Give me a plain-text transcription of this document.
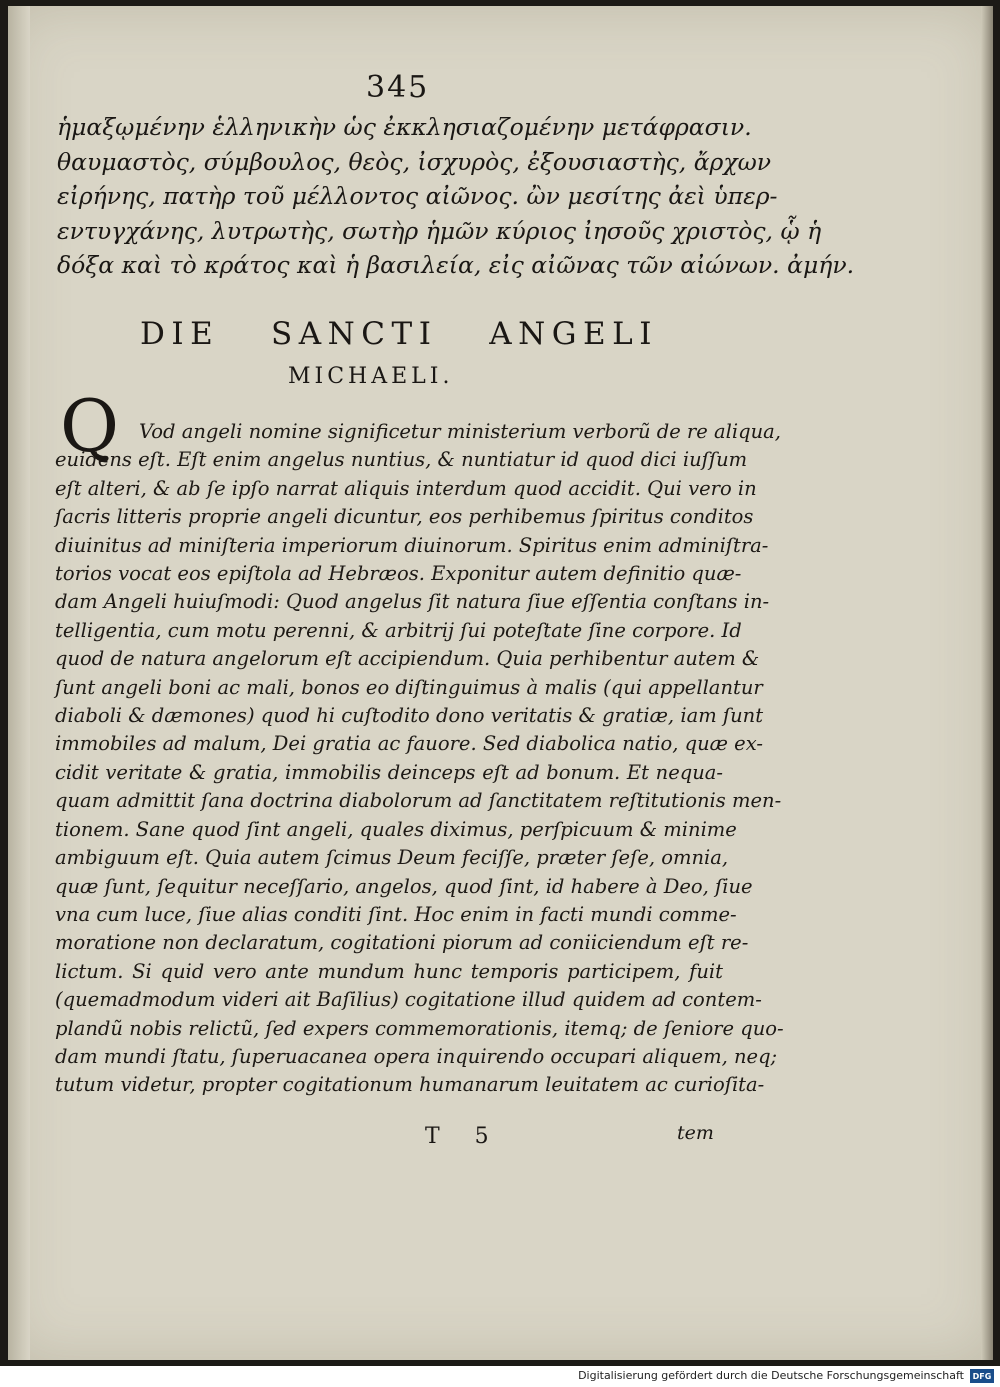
345
ἡμαξῳμένην ἑλληνικὴν ὡς ἐκκλησιαζομένην μετάφρασιν.
θαυμαστὸς, σύμβουλος, θεὸς, ἰσχυρὸς, ἐξουσιαστὴς, ἄρχων
εἰρήνης, πατὴρ τοῦ μέλλοντος αἰῶνος. ὢν μεσίτης ἀεὶ ὑπερ-
εντυγχάνης, λυτρωτὴς, σωτὴρ ἡμῶν κύριος ἰησοῦς χριστὸς, ᾧ ἡ
δόξα καὶ τὸ κράτος καὶ ἡ βασιλεία, εἰς αἰῶνας τῶν αἰώνων. ἀμήν.
DIE SANCTI ANGELI
MICHAELI.
Q	Vod angeli nomine significetur ministerium verborũ de re aliqua,
euidens eſt. Eſt enim angelus nuntius, & nuntiatur id quod dici iuſſum
eſt alteri, & ab ſe ipſo narrat aliquis interdum quod accidit. Qui vero in
ſacris litteris proprie angeli dicuntur, eos perhibemus ſpiritus conditos
diuinitus ad miniſteria imperiorum diuinorum. Spiritus enim adminiſtra-
torios vocat eos epiſtola ad Hebræos. Exponitur autem definitio quæ-
dam Angeli huiuſmodi: Quod angelus ſit natura ſiue eſſentia conſtans in-
telligentia, cum motu perenni, & arbitrij ſui poteſtate ſine corpore. Id
quod de natura angelorum eſt accipiendum. Quia perhibentur autem &
ſunt angeli boni ac mali, bonos eo diſtinguimus à malis (qui appellantur
diaboli & dæmones) quod hi cuſtodito dono veritatis & gratiæ, iam ſunt
immobiles ad malum, Dei gratia ac fauore. Sed diabolica natio, quæ ex-
cidit veritate & gratia, immobilis deinceps eſt ad bonum. Et nequa-
quam admittit ſana doctrina diabolorum ad ſanctitatem reſtitutionis men-
tionem. Sane quod ſint angeli, quales diximus, perſpicuum & minime
ambiguum eſt. Quia autem ſcimus Deum feciſſe, præter ſeſe, omnia,
quæ ſunt, ſequitur neceſſario, angelos, quod ſint, id habere à Deo, ſiue
vna cum luce, ſiue alias conditi ſint. Hoc enim in facti mundi comme-
moratione non declaratum, cogitationi piorum ad coniiciendum eſt re-
lictum. Si quid vero ante mundum hunc temporis participem, fuit
(quemadmodum videri ait Baſilius) cogitatione illud quidem ad contem-
plandũ nobis relictũ, ſed expers commemorationis, itemq; de ſeniore quo-
dam mundi ſtatu, ſuperuacanea opera inquirendo occupari aliquem, neq;
tutum videtur, propter cogitationum humanarum leuitatem ac curioſita-
T 5	tem
Digitalisierung gefördert durch die Deutsche Forschungsgemeinschaft	DFG
